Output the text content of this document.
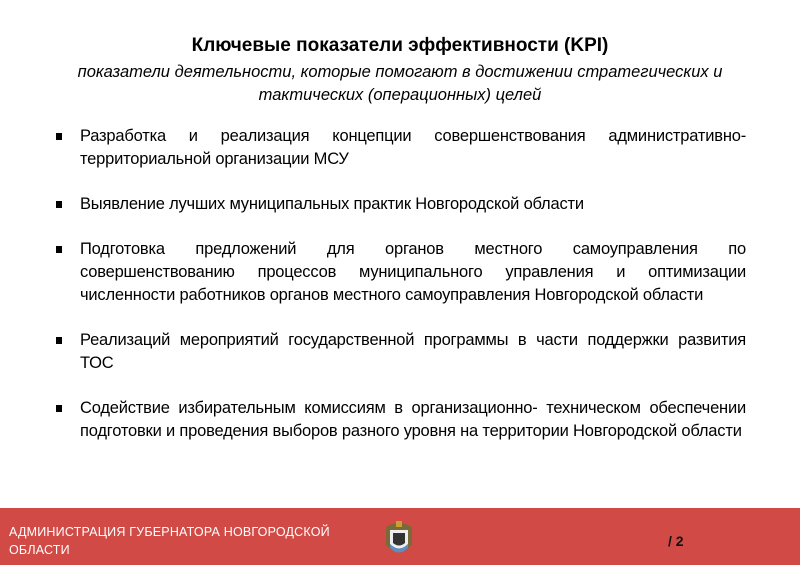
Ключевые показатели эффективности (KPI)
показатели деятельности, которые помогают в достижении стратегических и тактических (операционных) целей
Разработка и реализация концепции совершенствования административно- территориальной организации МСУ
Выявление лучших муниципальных практик Новгородской области
Подготовка предложений для органов местного самоуправления по совершенствованию процессов муниципального управления и оптимизации численности работников органов местного самоуправления Новгородской области
Реализаций мероприятий государственной программы в части поддержки развития ТОС
Содействие избирательным комиссиям в организационно- техническом обеспечении подготовки и проведения выборов разного уровня на территории Новгородской области
АДМИНИСТРАЦИЯ ГУБЕРНАТОРА НОВГОРОДСКОЙ
ОБЛАСТИ
/ 2
